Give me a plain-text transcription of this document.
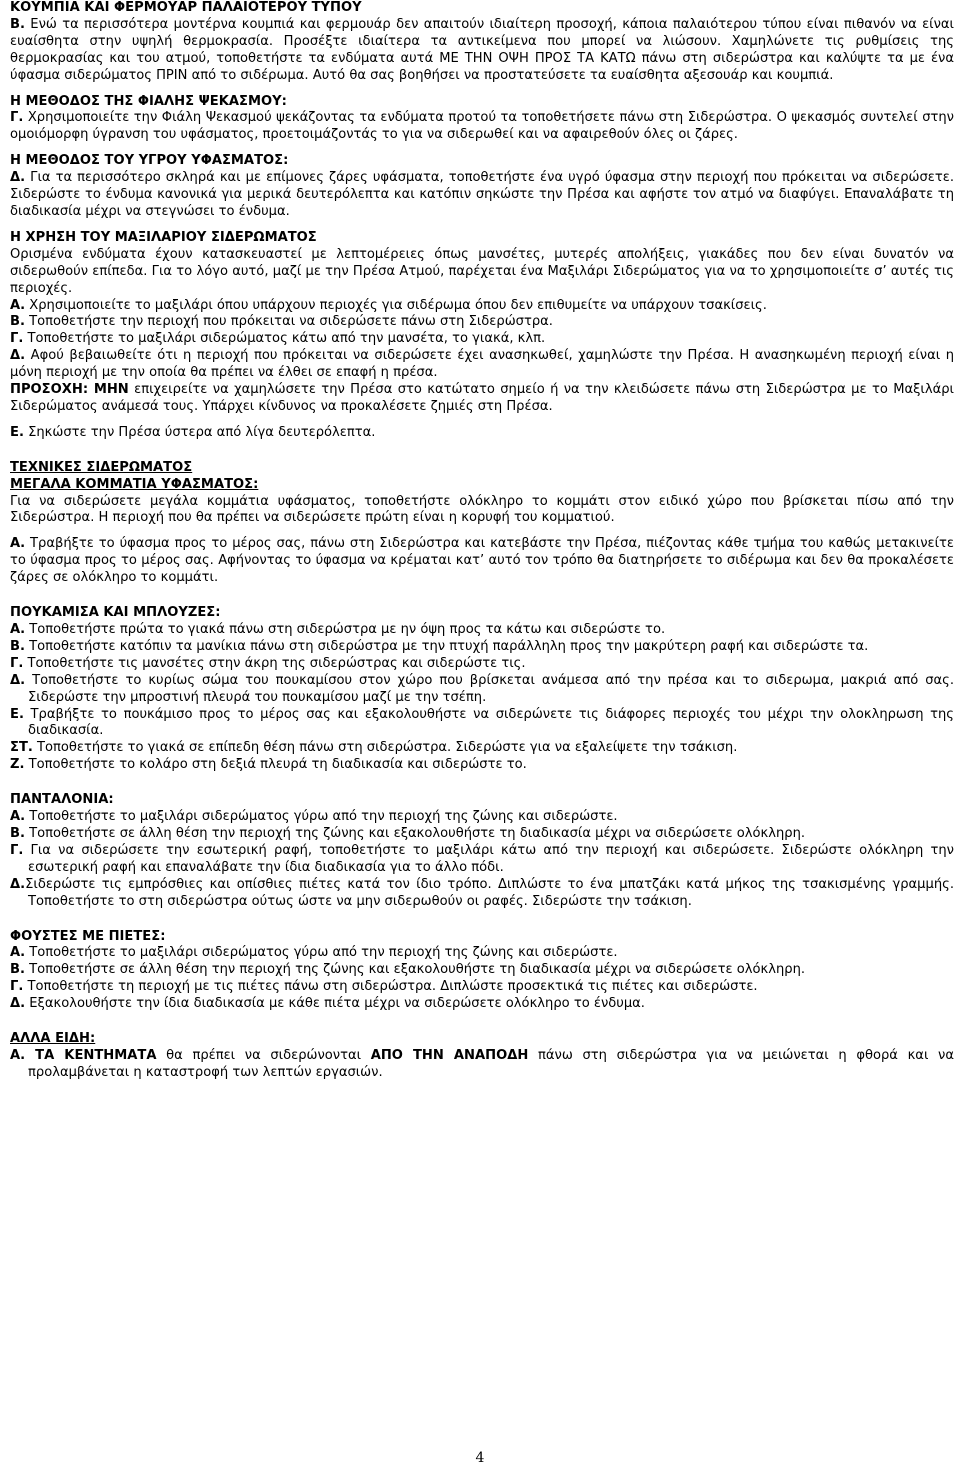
ΚΟΥΜΠΙΑ ΚΑΙ ΦΕΡΜΟΥΑΡ ΠΑΛΑΙΟΤΕΡΟΥ ΤΥΠΟΥ

Β. Ενώ τα περισσότερα μοντέρνα κουμπιά και φερμουάρ δεν απαιτούν ιδιαίτερη προσοχή, κάποια παλαιότερου τύπου είναι πιθανόν να είναι ευαίσθητα στην υψηλή θερμοκρασία. Προσέξτε ιδιαίτερα τα αντικείμενα που μπορεί να λιώσουν. Χαμηλώνετε τις ρυθμίσεις της θερμοκρασίας και του ατμού, τοποθετήστε τα ενδύματα αυτά ΜΕ ΤΗΝ ΟΨΗ ΠΡΟΣ ΤΑ ΚΑΤΩ πάνω στη σιδερώστρα και καλύψτε τα με ένα ύφασμα σιδερώματος ΠΡΙΝ από το σιδέρωμα. Αυτό θα σας βοηθήσει να προστατεύσετε τα ευαίσθητα αξεσουάρ και κουμπιά.

Η ΜΕΘΟΔΟΣ ΤΗΣ ΦΙΑΛΗΣ ΨΕΚΑΣΜΟΥ:

Γ. Χρησιμοποιείτε την Φιάλη Ψεκασμού ψεκάζοντας τα ενδύματα προτού τα τοποθετήσετε πάνω στη Σιδερώστρα. Ο ψεκασμός συντελεί στην ομοιόμορφη ύγρανση του υφάσματος, προετοιμάζοντάς το για να σιδερωθεί και να αφαιρεθούν όλες οι ζάρες.

Η ΜΕΘΟΔΟΣ ΤΟΥ ΥΓΡΟΥ ΥΦΑΣΜΑΤΟΣ:

Δ. Για τα περισσότερο σκληρά και με επίμονες ζάρες υφάσματα, τοποθετήστε ένα υγρό ύφασμα στην περιοχή που πρόκειται να σιδερώσετε. Σιδερώστε το ένδυμα κανονικά για μερικά δευτερόλεπτα και κατόπιν σηκώστε την Πρέσα και αφήστε τον ατμό να διαφύγει. Επαναλάβατε τη διαδικασία μέχρι να στεγνώσει το ένδυμα.

Η ΧΡΗΣΗ ΤΟΥ ΜΑΞΙΛΑΡΙΟΥ ΣΙΔΕΡΩΜΑΤΟΣ

Ορισμένα ενδύματα έχουν κατασκευαστεί με λεπτομέρειες όπως μανσέτες, μυτερές απολήξεις, γιακάδες που δεν είναι δυνατόν να σιδερωθούν επίπεδα. Για το λόγο αυτό, μαζί με την Πρέσα Ατμού, παρέχεται ένα Μαξιλάρι Σιδερώματος για να το χρησιμοποιείτε σ’ αυτές τις περιοχές.

Α. Χρησιμοποιείτε το μαξιλάρι όπου υπάρχουν περιοχές για σιδέρωμα όπου δεν επιθυμείτε να υπάρχουν τσακίσεις.

Β. Τοποθετήστε την περιοχή που πρόκειται να σιδερώσετε πάνω στη Σιδερώστρα.

Γ. Τοποθετήστε το μαξιλάρι σιδερώματος κάτω από την μανσέτα, το γιακά, κλπ.

Δ. Αφού βεβαιωθείτε ότι η περιοχή που πρόκειται να σιδερώσετε έχει ανασηκωθεί, χαμηλώστε την Πρέσα. Η ανασηκωμένη περιοχή είναι η μόνη περιοχή με την οποία θα πρέπει να έλθει σε επαφή η πρέσα.

ΠΡΟΣΟΧΗ: ΜΗΝ επιχειρείτε να χαμηλώσετε την Πρέσα στο κατώτατο σημείο ή να την κλειδώσετε πάνω στη Σιδερώστρα με το Μαξιλάρι Σιδερώματος ανάμεσά τους. Υπάρχει κίνδυνος να προκαλέσετε ζημιές στη Πρέσα.

Ε. Σηκώστε την Πρέσα ύστερα από λίγα δευτερόλεπτα.

ΤΕΧΝΙΚΕΣ ΣΙΔΕΡΩΜΑΤΟΣ

ΜΕΓΑΛΑ ΚΟΜΜΑΤΙΑ ΥΦΑΣΜΑΤΟΣ:

Για να σιδερώσετε μεγάλα κομμάτια υφάσματος, τοποθετήστε ολόκληρο το κομμάτι στον ειδικό χώρο που βρίσκεται πίσω από την Σιδερώστρα. Η περιοχή που θα πρέπει να σιδερώσετε πρώτη είναι η κορυφή του κομματιού.

Α. Τραβήξτε το ύφασμα προς το μέρος σας, πάνω στη Σιδερώστρα και κατεβάστε την Πρέσα, πιέζοντας κάθε τμήμα του καθώς μετακινείτε το ύφασμα προς το μέρος σας. Αφήνοντας το ύφασμα να κρέμαται κατ’ αυτό τον τρόπο θα διατηρήσετε το σιδέρωμα και δεν θα προκαλέσετε ζάρες σε ολόκληρο το κομμάτι.

ΠΟΥΚΑΜΙΣΑ ΚΑΙ ΜΠΛΟΥΖΕΣ:

Α. Τοποθετήστε πρώτα το γιακά πάνω στη σιδερώστρα με ην όψη προς τα κάτω και σιδερώστε το.

Β. Τοποθετήστε κατόπιν τα μανίκια πάνω στη σιδερώστρα με την πτυχή παράλληλη προς την μακρύτερη ραφή και σιδερώστε τα.

Γ. Τοποθετήστε τις μανσέτες στην άκρη της σιδερώστρας και σιδερώστε τις.

Δ. Τοποθετήστε το κυρίως σώμα του πουκαμίσου στον χώρο που βρίσκεται ανάμεσα από την πρέσα και το σιδερωμα, μακριά από σας. Σιδερώστε την μπροστινή πλευρά του πουκαμίσου μαζί με την τσέπη.

Ε. Τραβήξτε το πουκάμισο προς το μέρος σας και εξακολουθήστε να σιδερώνετε τις διάφορες περιοχές του μέχρι την ολοκληρωση της διαδικασία.

ΣΤ. Τοποθετήστε το γιακά σε επίπεδη θέση πάνω στη σιδερώστρα. Σιδερώστε για να εξαλείψετε την τσάκιση.

Ζ. Τοποθετήστε το κολάρο στη δεξιά πλευρά τη διαδικασία και σιδερώστε το.

ΠΑΝΤΑΛΟΝΙΑ:

Α. Τοποθετήστε το μαξιλάρι σιδερώματος γύρω από την περιοχή της ζώνης και σιδερώστε.

Β. Τοποθετήστε σε άλλη θέση την περιοχή της ζώνης και εξακολουθήστε τη διαδικασία μέχρι να σιδερώσετε ολόκληρη.

Γ. Για να σιδερώσετε την εσωτερική ραφή, τοποθετήστε το μαξιλάρι κάτω από την περιοχή και σιδερώσετε. Σιδερώστε ολόκληρη την εσωτερική ραφή και επαναλάβατε την ίδια διαδικασία για το άλλο πόδι.

Δ.Σιδερώστε τις εμπρόσθιες και οπίσθιες πιέτες κατά τον ίδιο τρόπο. Διπλώστε το ένα μπατζάκι κατά μήκος της τσακισμένης γραμμής. Τοποθετήστε το στη σιδερώστρα ούτως ώστε να μην σιδερωθούν οι ραφές. Σιδερώστε την τσάκιση.

ΦΟΥΣΤΕΣ ΜΕ ΠΙΕΤΕΣ:

Α. Τοποθετήστε το μαξιλάρι σιδερώματος γύρω από την περιοχή της ζώνης και σιδερώστε.

Β. Τοποθετήστε σε άλλη θέση την περιοχή της ζώνης και εξακολουθήστε τη διαδικασία μέχρι να σιδερώσετε ολόκληρη.

Γ. Τοποθετήστε τη περιοχή με τις πιέτες πάνω στη σιδερώστρα. Διπλώστε προσεκτικά τις πιέτες και σιδερώστε.

Δ. Εξακολουθήστε την ίδια διαδικασία με κάθε πιέτα μέχρι να σιδερώσετε ολόκληρο το ένδυμα.

ΑΛΛΑ ΕΙΔΗ:

Α. ΤΑ ΚΕΝΤΗΜΑΤΑ θα πρέπει να σιδερώνονται ΑΠΟ ΤΗΝ ΑΝΑΠΟΔΗ πάνω στη σιδερώστρα για να μειώνεται η φθορά και να προλαμβάνεται η καταστροφή των λεπτών εργασιών.

4
